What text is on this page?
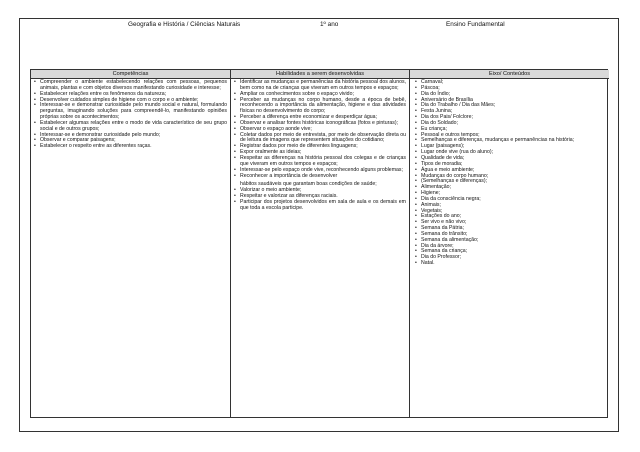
Geografia e História / Ciências Naturais	1º ano	Ensino Fundamental
Competências
• Compreender o ambiente estabelecendo relações com pessoas, pequenos animais, plantas e com objetos diversos manifestando curiosidade e interesse;
• Estabelecer relações entre os fenômenos da natureza;
• Desenvolver cuidados simples de higiene com o corpo e o ambiente;
• Interessar-se e demonstrar curiosidade pelo mundo social e natural, formulando perguntas, imaginando soluções para compreendê-lo, manifestando opiniões próprias sobre os acontecimentos;
• Estabelecer algumas relações entre o modo de vida característico de seu grupo social e de outros grupos;
• Interessar-se e demonstrar curiosidade pelo mundo;
• Observar e comparar paisagens;
• Estabelecer o respeito entre as diferentes raças.
Habilidades a serem desenvolvidas
• Identificar as mudanças e permanências da história pessoal dos alunos, bem como na de crianças que viveram em outros tempos e espaços;
• Ampliar os conhecimentos sobre o espaço vivido;
• Perceber as mudanças no corpo humano, desde a época de bebê, reconhecendo a importância da alimentação, higiene e das atividades físicas no desenvolvimento do corpo;
• Perceber a diferença entre economizar e desperdiçar água;
• Observar e analisar fontes históricas iconográficas (fotos e pinturas);
• Observar o espaço aonde vive;
• Coletar dados por meio de entrevista, por meio de observação direta ou de leitura de imagens que representem situações do cotidiano;
• Registrar dados por meio de diferentes linguagens;
• Expor oralmente as ideias;
• Respeitar as diferenças na história pessoal dos colegas e de crianças que viveram em outros tempos e espaços;
• Interessar-se pelo espaço onde vive, reconhecendo alguns problemas;
• Reconhecer a importância de desenvolver
hábitos saudáveis que garantam boas condições de saúde;
• Valorizar o meio ambiente;
• Respeitar e valorizar as diferenças raciais.
• Participar dos projetos desenvolvidos em sala de aula e os demais em que toda a escola participe.
Eixo/ Conteúdos
• Carnaval;
• Páscoa;
• Dia do Índio;
• Aniversário de Brasília
• Dia do Trabalho / Dia das Mães;
• Festa Junina;
• Dia dos Pais/ Folclore;
• Dia do Soldado;
• Eu criança;
• Pessoal e outros tempos;
• Semelhanças e diferenças, mudanças e permanências na história;
• Lugar (paisagens);
• Lugar onde vive (rua do aluno);
• Qualidade de vida;
• Tipos de moradia;
• Água e meio ambiente;
• Mudanças do corpo humano;
• (Semelhanças e diferenças);
• Alimentação;
• Higiene;
• Dia da consciência negra;
• Animais;
• Vegetais;
• Estações do ano;
• Ser vivo e não vivo;
• Semana da Pátria;
• Semana do trânsito;
• Semana da alimentação;
• Dia da árvore;
• Semana da criança;
• Dia do Professor;
• Natal.
